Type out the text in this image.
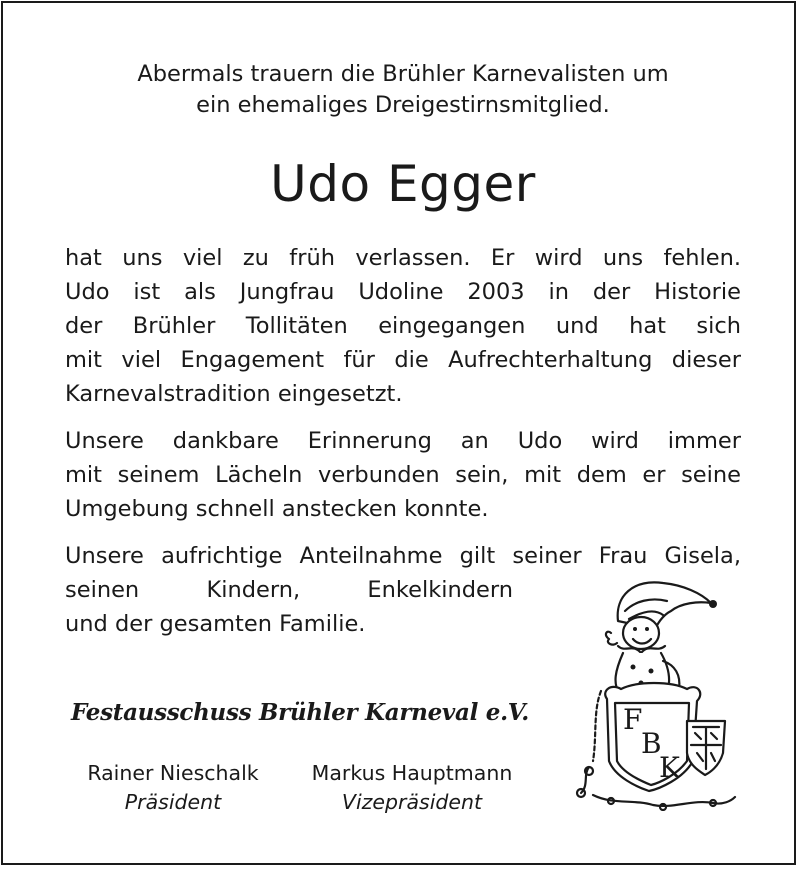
Abermals trauern die Brühler Karnevalisten um
ein ehemaliges Dreigestirnsmitglied.
Udo Egger
hat uns viel zu früh verlassen. Er wird uns fehlen.
Udo ist als Jungfrau Udoline 2003 in der Historie
der Brühler Tollitäten eingegangen und hat sich
mit viel Engagement für die Aufrechterhaltung dieser
Karnevalstradition eingesetzt.
Unsere dankbare Erinnerung an Udo wird immer
mit seinem Lächeln verbunden sein, mit dem er seine
Umgebung schnell anstecken konnte.
Unsere aufrichtige Anteilnahme gilt seiner Frau Gisela,
seinen Kindern, Enkelkindern
und der gesamten Familie.
Festausschuss Brühler Karneval e.V.
Rainer Nieschalk
Präsident
Markus Hauptmann
Vizepräsident
F
B
K
